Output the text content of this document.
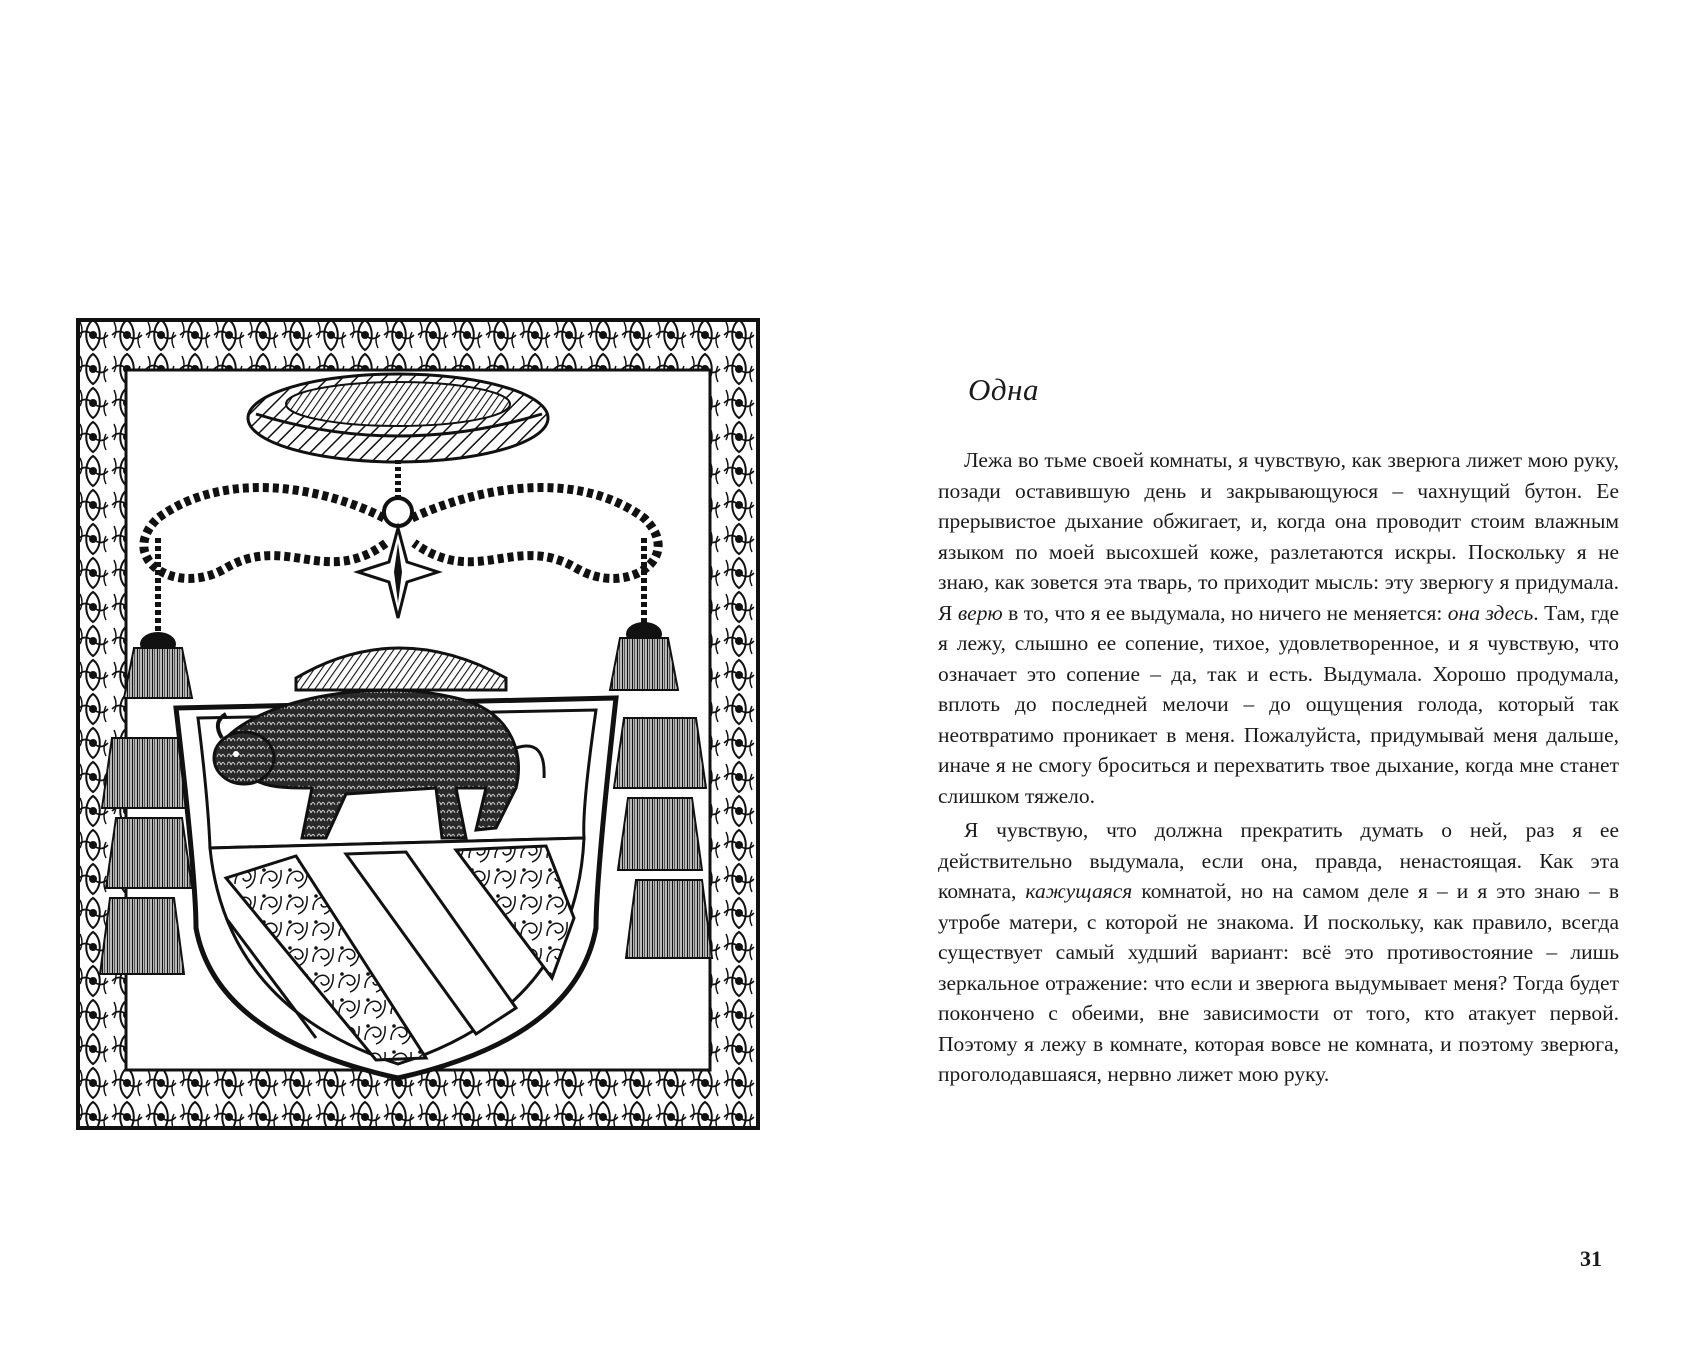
Одна

Лежа во тьме своей комнаты, я чувствую, как зверюга лижет мою руку, позади оставившую день и закрывающуюся – чахнущий бутон. Ее прерывистое дыхание обжигает, и, когда она проводит стоим влажным языком по моей высохшей коже, разлетаются искры. Поскольку я не знаю, как зовется эта тварь, то приходит мысль: эту зверюгу я придумала. Я верю в то, что я ее выдумала, но ничего не меняется: она здесь. Там, где я лежу, слышно ее сопение, тихое, удовлетворенное, и я чувствую, что означает это сопение – да, так и есть. Выдумала. Хорошо продумала, вплоть до последней мелочи – до ощущения голода, который так неотвратимо проникает в меня. Пожалуйста, придумывай меня дальше, иначе я не смогу броситься и перехватить твое дыхание, когда мне станет слишком тяжело.

Я чувствую, что должна прекратить думать о ней, раз я ее действительно выдумала, если она, правда, ненастоящая. Как эта комната, кажущаяся комнатой, но на самом деле я – и я это знаю – в утробе матери, с которой не знакома. И поскольку, как правило, всегда существует самый худший вариант: всё это противостояние – лишь зеркальное отражение: что если и зверюга выдумывает меня? Тогда будет покончено с обеими, вне зависимости от того, кто атакует первой. Поэтому я лежу в комнате, которая вовсе не комната, и поэтому зверюга, проголодавшаяся, нервно лижет мою руку.

31
